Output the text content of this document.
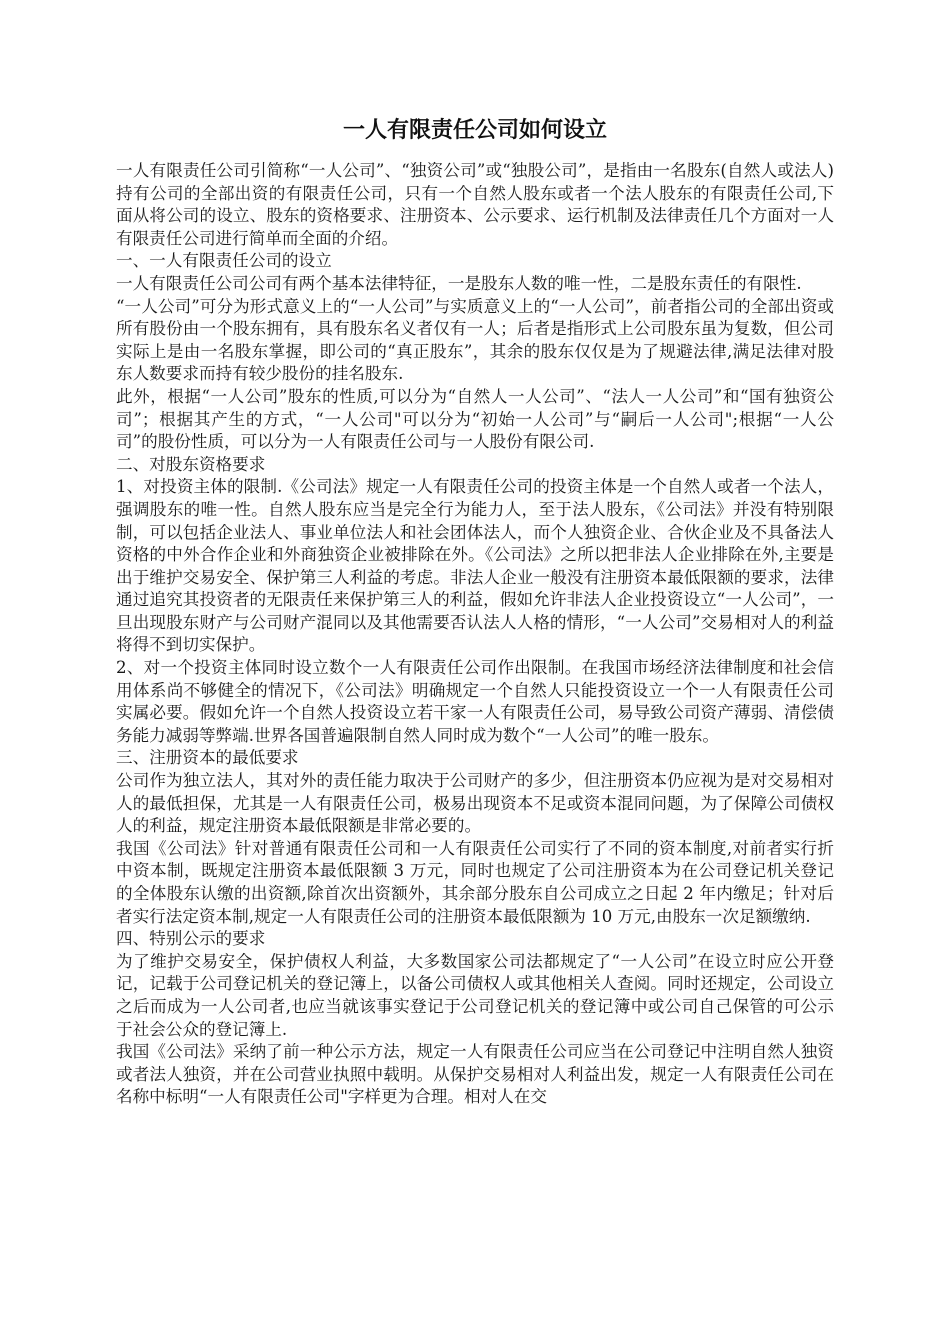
一人有限责任公司如何设立

一人有限责任公司引简称“一人公司”、“独资公司”或“独股公司”，是指由一名股东(自然人或法人)持有公司的全部出资的有限责任公司，只有一个自然人股东或者一个法人股东的有限责任公司,下面从将公司的设立、股东的资格要求、注册资本、公示要求、运行机制及法律责任几个方面对一人有限责任公司进行简单而全面的介绍。

一、一人有限责任公司的设立

一人有限责任公司公司有两个基本法律特征，一是股东人数的唯一性，二是股东责任的有限性.

“一人公司”可分为形式意义上的“一人公司”与实质意义上的“一人公司”，前者指公司的全部出资或所有股份由一个股东拥有，具有股东名义者仅有一人；后者是指形式上公司股东虽为复数，但公司实际上是由一名股东掌握，即公司的“真正股东”，其余的股东仅仅是为了规避法律,满足法律对股东人数要求而持有较少股份的挂名股东.

此外，根据“一人公司”股东的性质,可以分为“自然人一人公司”、“法人一人公司”和“国有独资公司”；根据其产生的方式，“一人公司"可以分为“初始一人公司”与“嗣后一人公司";根据“一人公司”的股份性质，可以分为一人有限责任公司与一人股份有限公司.

二、对股东资格要求

1、对投资主体的限制.《公司法》规定一人有限责任公司的投资主体是一个自然人或者一个法人，强调股东的唯一性。自然人股东应当是完全行为能力人，至于法人股东，《公司法》并没有特别限制，可以包括企业法人、事业单位法人和社会团体法人，而个人独资企业、合伙企业及不具备法人资格的中外合作企业和外商独资企业被排除在外。《公司法》之所以把非法人企业排除在外,主要是出于维护交易安全、保护第三人利益的考虑。非法人企业一般没有注册资本最低限额的要求，法律通过追究其投资者的无限责任来保护第三人的利益，假如允许非法人企业投资设立“一人公司”，一旦出现股东财产与公司财产混同以及其他需要否认法人人格的情形，“一人公司”交易相对人的利益将得不到切实保护。

2、对一个投资主体同时设立数个一人有限责任公司作出限制。在我国市场经济法律制度和社会信用体系尚不够健全的情况下，《公司法》明确规定一个自然人只能投资设立一个一人有限责任公司实属必要。假如允许一个自然人投资设立若干家一人有限责任公司，易导致公司资产薄弱、清偿债务能力减弱等弊端.世界各国普遍限制自然人同时成为数个“一人公司”的唯一股东。

三、注册资本的最低要求

公司作为独立法人，其对外的责任能力取决于公司财产的多少，但注册资本仍应视为是对交易相对人的最低担保，尤其是一人有限责任公司，极易出现资本不足或资本混同问题，为了保障公司债权人的利益，规定注册资本最低限额是非常必要的。

我国《公司法》针对普通有限责任公司和一人有限责任公司实行了不同的资本制度,对前者实行折中资本制，既规定注册资本最低限额 3 万元，同时也规定了公司注册资本为在公司登记机关登记的全体股东认缴的出资额,除首次出资额外，其余部分股东自公司成立之日起 2 年内缴足；针对后者实行法定资本制,规定一人有限责任公司的注册资本最低限额为 10 万元,由股东一次足额缴纳.

四、特别公示的要求

为了维护交易安全，保护债权人利益，大多数国家公司法都规定了“一人公司”在设立时应公开登记，记载于公司登记机关的登记簿上，以备公司债权人或其他相关人查阅。同时还规定，公司设立之后而成为一人公司者,也应当就该事实登记于公司登记机关的登记簿中或公司自己保管的可公示于社会公众的登记簿上.

我国《公司法》采纳了前一种公示方法，规定一人有限责任公司应当在公司登记中注明自然人独资或者法人独资，并在公司营业执照中载明。从保护交易相对人利益出发，规定一人有限责任公司在名称中标明“一人有限责任公司"字样更为合理。相对人在交
